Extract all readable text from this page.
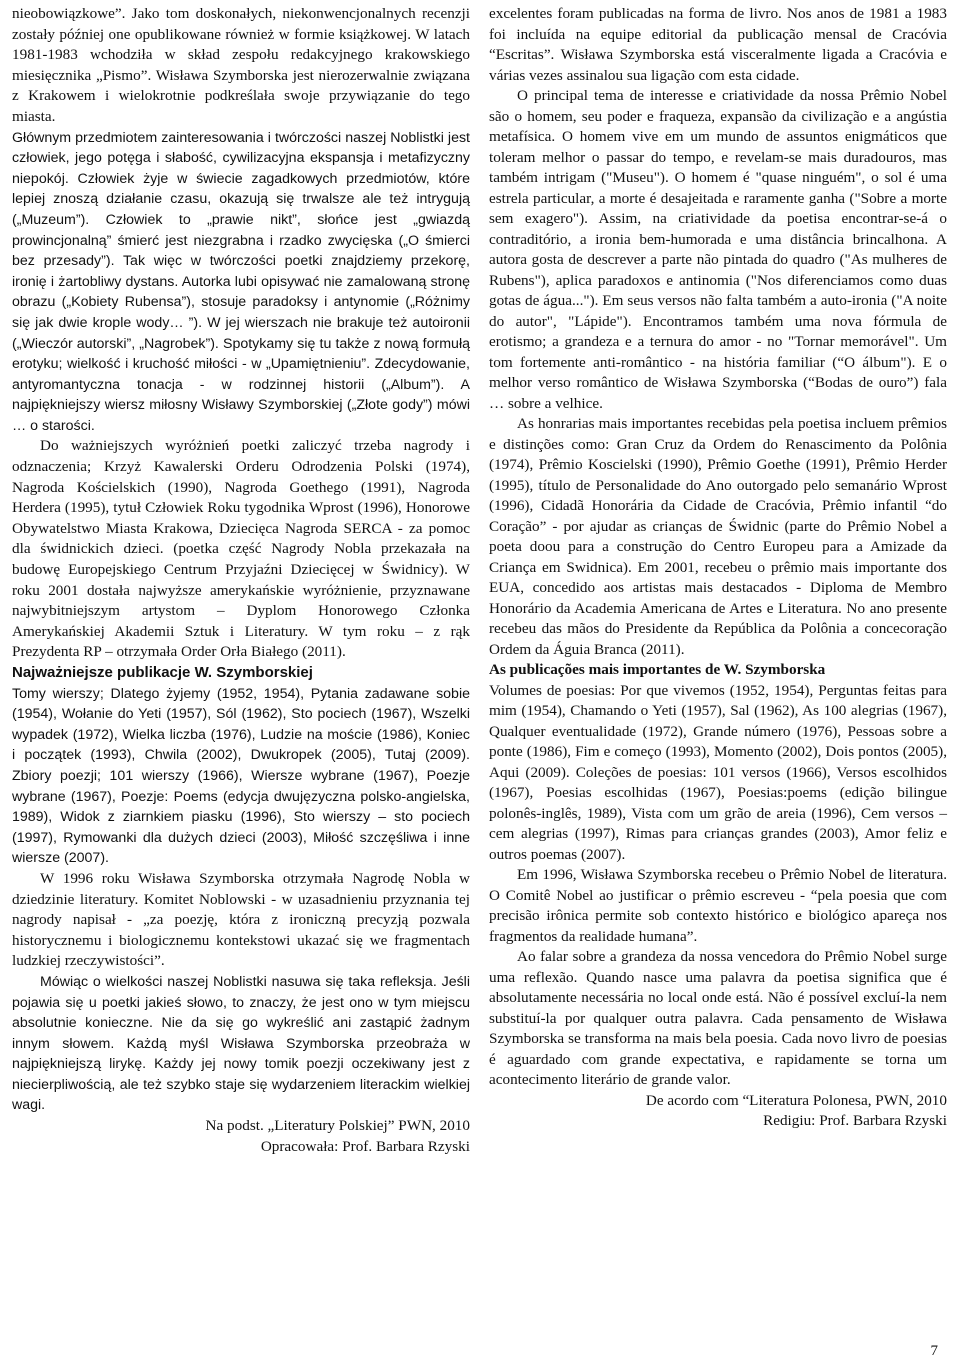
nieobowiązkowe”. Jako tom doskonałych, niekonwencjonalnych recenzji zostały później one opublikowane również w formie książkowej. W latach 1981-1983 wchodziła w skład zespołu redakcyjnego krakowskiego miesięcznika „Pismo”. Wisława Szymborska jest nierozerwalnie związana z Krakowem i wielokrotnie podkreślała swoje przywiązanie do tego miasta.

Głównym przedmiotem zainteresowania i twórczości naszej Noblistki jest człowiek, jego potęga i słabość, cywilizacyjna ekspansja i metafizyczny niepokój. Człowiek żyje w świecie zagadkowych przedmiotów, które lepiej znoszą działanie czasu, okazują się trwalsze ale też intrygują („Muzeum”). Człowiek to „prawie nikt”, słońce jest „gwiazdą prowincjonalną” śmierć jest niezgrabna i rzadko zwycięska („O śmierci bez przesady”). Tak więc w twórczości poetki znajdziemy przekorę, ironię i żartobliwy dystans. Autorka lubi opisywać nie zamalowaną stronę obrazu („Kobiety Rubensa”), stosuje paradoksy i antynomie („Różnimy się jak dwie krople wody… ”). W jej wierszach nie brakuje też autoironii („Wieczór autorski”, „Nagrobek”). Spotykamy się tu także z nową formułą erotyku; wielkość i kruchość miłości - w „Upamiętnieniu”. Zdecydowanie, antyromantyczna tonacja - w rodzinnej historii („Album”). A najpiękniejszy wiersz miłosny Wisławy Szymborskiej („Złote gody”) mówi … o starości.

Do ważniejszych wyróżnień poetki zaliczyć trzeba nagrody i odznaczenia; Krzyż Kawalerski Orderu Odrodzenia Polski (1974), Nagroda Kościelskich (1990), Nagroda Goethego (1991), Nagroda Herdera (1995), tytuł Człowiek Roku tygodnika Wprost (1996), Honorowe Obywatelstwo Miasta Krakowa, Dziecięca Nagroda SERCA - za pomoc dla świdnickich dzieci. (poetka część Nagrody Nobla przekazała na budowę Europejskiego Centrum Przyjaźni Dziecięcej w Świdnicy). W roku 2001 dostała najwyższe amerykańskie wyróżnienie, przyznawane najwybitniejszym artystom – Dyplom Honorowego Członka Amerykańskiej Akademii Sztuk i Literatury. W tym roku – z rąk Prezydenta RP – otrzymała Order Orła Białego (2011).

Najważniejsze publikacje W. Szymborskiej

Tomy wierszy; Dlatego żyjemy (1952, 1954), Pytania zadawane sobie (1954), Wołanie do Yeti (1957), Sól (1962), Sto pociech (1967), Wszelki wypadek (1972), Wielka liczba (1976), Ludzie na moście (1986), Koniec i początek (1993), Chwila (2002), Dwukropek (2005), Tutaj (2009). Zbiory poezji; 101 wierszy (1966), Wiersze wybrane (1967), Poezje wybrane (1967), Poezje: Poems (edycja dwujęzyczna polsko-angielska, 1989), Widok z ziarnkiem piasku (1996), Sto wierszy – sto pociech (1997), Rymowanki dla dużych dzieci (2003), Miłość szczęśliwa i inne wiersze (2007).

W 1996 roku Wisława Szymborska otrzymała Nagrodę Nobla w dziedzinie literatury. Komitet Noblowski - w uzasadnieniu przyznania tej nagrody napisał - „za poezję, która z ironiczną precyzją pozwala historycznemu i biologicznemu kontekstowi ukazać się we fragmentach ludzkiej rzeczywistości”.

Mówiąc o wielkości naszej Noblistki nasuwa się taka refleksja. Jeśli pojawia się u poetki jakieś słowo, to znaczy, że jest ono w tym miejscu absolutnie konieczne. Nie da się go wykreślić ani zastąpić żadnym innym słowem. Każdą myśl Wisława Szymborska przeobraża w najpiękniejszą lirykę. Każdy jej nowy tomik poezji oczekiwany jest z niecierpliwością, ale też szybko staje się wydarzeniem literackim wielkiej wagi.

Na podst. „Literatury Polskiej” PWN, 2010

Opracowała: Prof. Barbara Rzyski

excelentes foram publicadas na forma de livro. Nos anos de 1981 a 1983 foi incluída na equipe editorial da publicação mensal de Cracóvia “Escritas”. Wisława Szymborska está visceralmente ligada a Cracóvia e várias vezes assinalou sua ligação com esta cidade.

O principal tema de interesse e criatividade da nossa Prêmio Nobel são o homem, seu poder e fraqueza, expansão da civilização e a angústia metafísica. O homem vive em um mundo de assuntos enigmáticos que toleram melhor o passar do tempo, e revelam-se mais duradouros, mas também intrigam ("Museu"). O homem é "quase ninguém", o sol é uma estrela particular, a morte é desajeitada e raramente ganha ("Sobre a morte sem exagero"). Assim, na criatividade da poetisa encontrar-se-á o contraditório, a ironia bem-humorada e uma distância brincalhona. A autora gosta de descrever a parte não pintada do quadro ("As mulheres de Rubens"), aplica paradoxos e antinomia ("Nos diferenciamos como duas gotas de água..."). Em seus versos não falta também a auto-ironia ("A noite do autor", "Lápide"). Encontramos também uma nova fórmula de erotismo; a grandeza e a ternura do amor - no "Tornar memorável". Um tom fortemente anti-romântico - na história familiar (“O álbum"). E o melhor verso romântico de Wisława Szymborska (“Bodas de ouro”) fala … sobre a velhice.

As honrarias mais importantes recebidas pela poetisa incluem prêmios e distinções como: Gran Cruz da Ordem do Renascimento da Polônia (1974), Prêmio Koscielski (1990), Prêmio Goethe (1991), Prêmio Herder (1995), título de Personalidade do Ano outorgado pelo semanário Wprost (1996), Cidadã Honorária da Cidade de Cracóvia, Prêmio infantil “do Coração” - por ajudar as crianças de Świdnic (parte do Prêmio Nobel a poeta doou para a construção do Centro Europeu para a Amizade da Criança em Swidnica). Em 2001, recebeu o prêmio mais importante dos EUA, concedido aos artistas mais destacados - Diploma de Membro Honorário da Academia Americana de Artes e Literatura. No ano presente recebeu das mãos do Presidente da República da Polônia a concecoração Ordem da Águia Branca (2011).

As publicações mais importantes de W. Szymborska

Volumes de poesias: Por que vivemos (1952, 1954), Perguntas feitas para mim (1954), Chamando o Yeti (1957), Sal (1962), As 100 alegrias (1967), Qualquer eventualidade (1972), Grande número (1976), Pessoas sobre a ponte (1986), Fim e começo (1993), Momento (2002), Dois pontos (2005), Aqui (2009). Coleções de poesias: 101 versos (1966), Versos escolhidos (1967), Poesias escolhidas (1967), Poesias:poems (edição bilingue polonês-inglês, 1989), Vista com um grão de areia (1996), Cem versos – cem alegrias (1997), Rimas para crianças grandes (2003), Amor feliz e outros poemas (2007).

Em 1996, Wisława Szymborska recebeu o Prêmio Nobel de literatura. O Comitê Nobel ao justificar o prêmio escreveu - “pela poesia que com precisão irônica permite sob contexto histórico e biológico apareça nos fragmentos da realidade humana”.

Ao falar sobre a grandeza da nossa vencedora do Prêmio Nobel surge uma reflexão. Quando nasce uma palavra da poetisa significa que é absolutamente necessária no local onde está. Não é possível excluí-la nem substituí-la por qualquer outra palavra. Cada pensamento de Wisława Szymborska se transforma na mais bela poesia. Cada novo livro de poesias é aguardado com grande expectativa, e rapidamente se torna um acontecimento literário de grande valor.

De acordo com “Literatura Polonesa, PWN, 2010

Redigiu: Prof. Barbara Rzyski

7
